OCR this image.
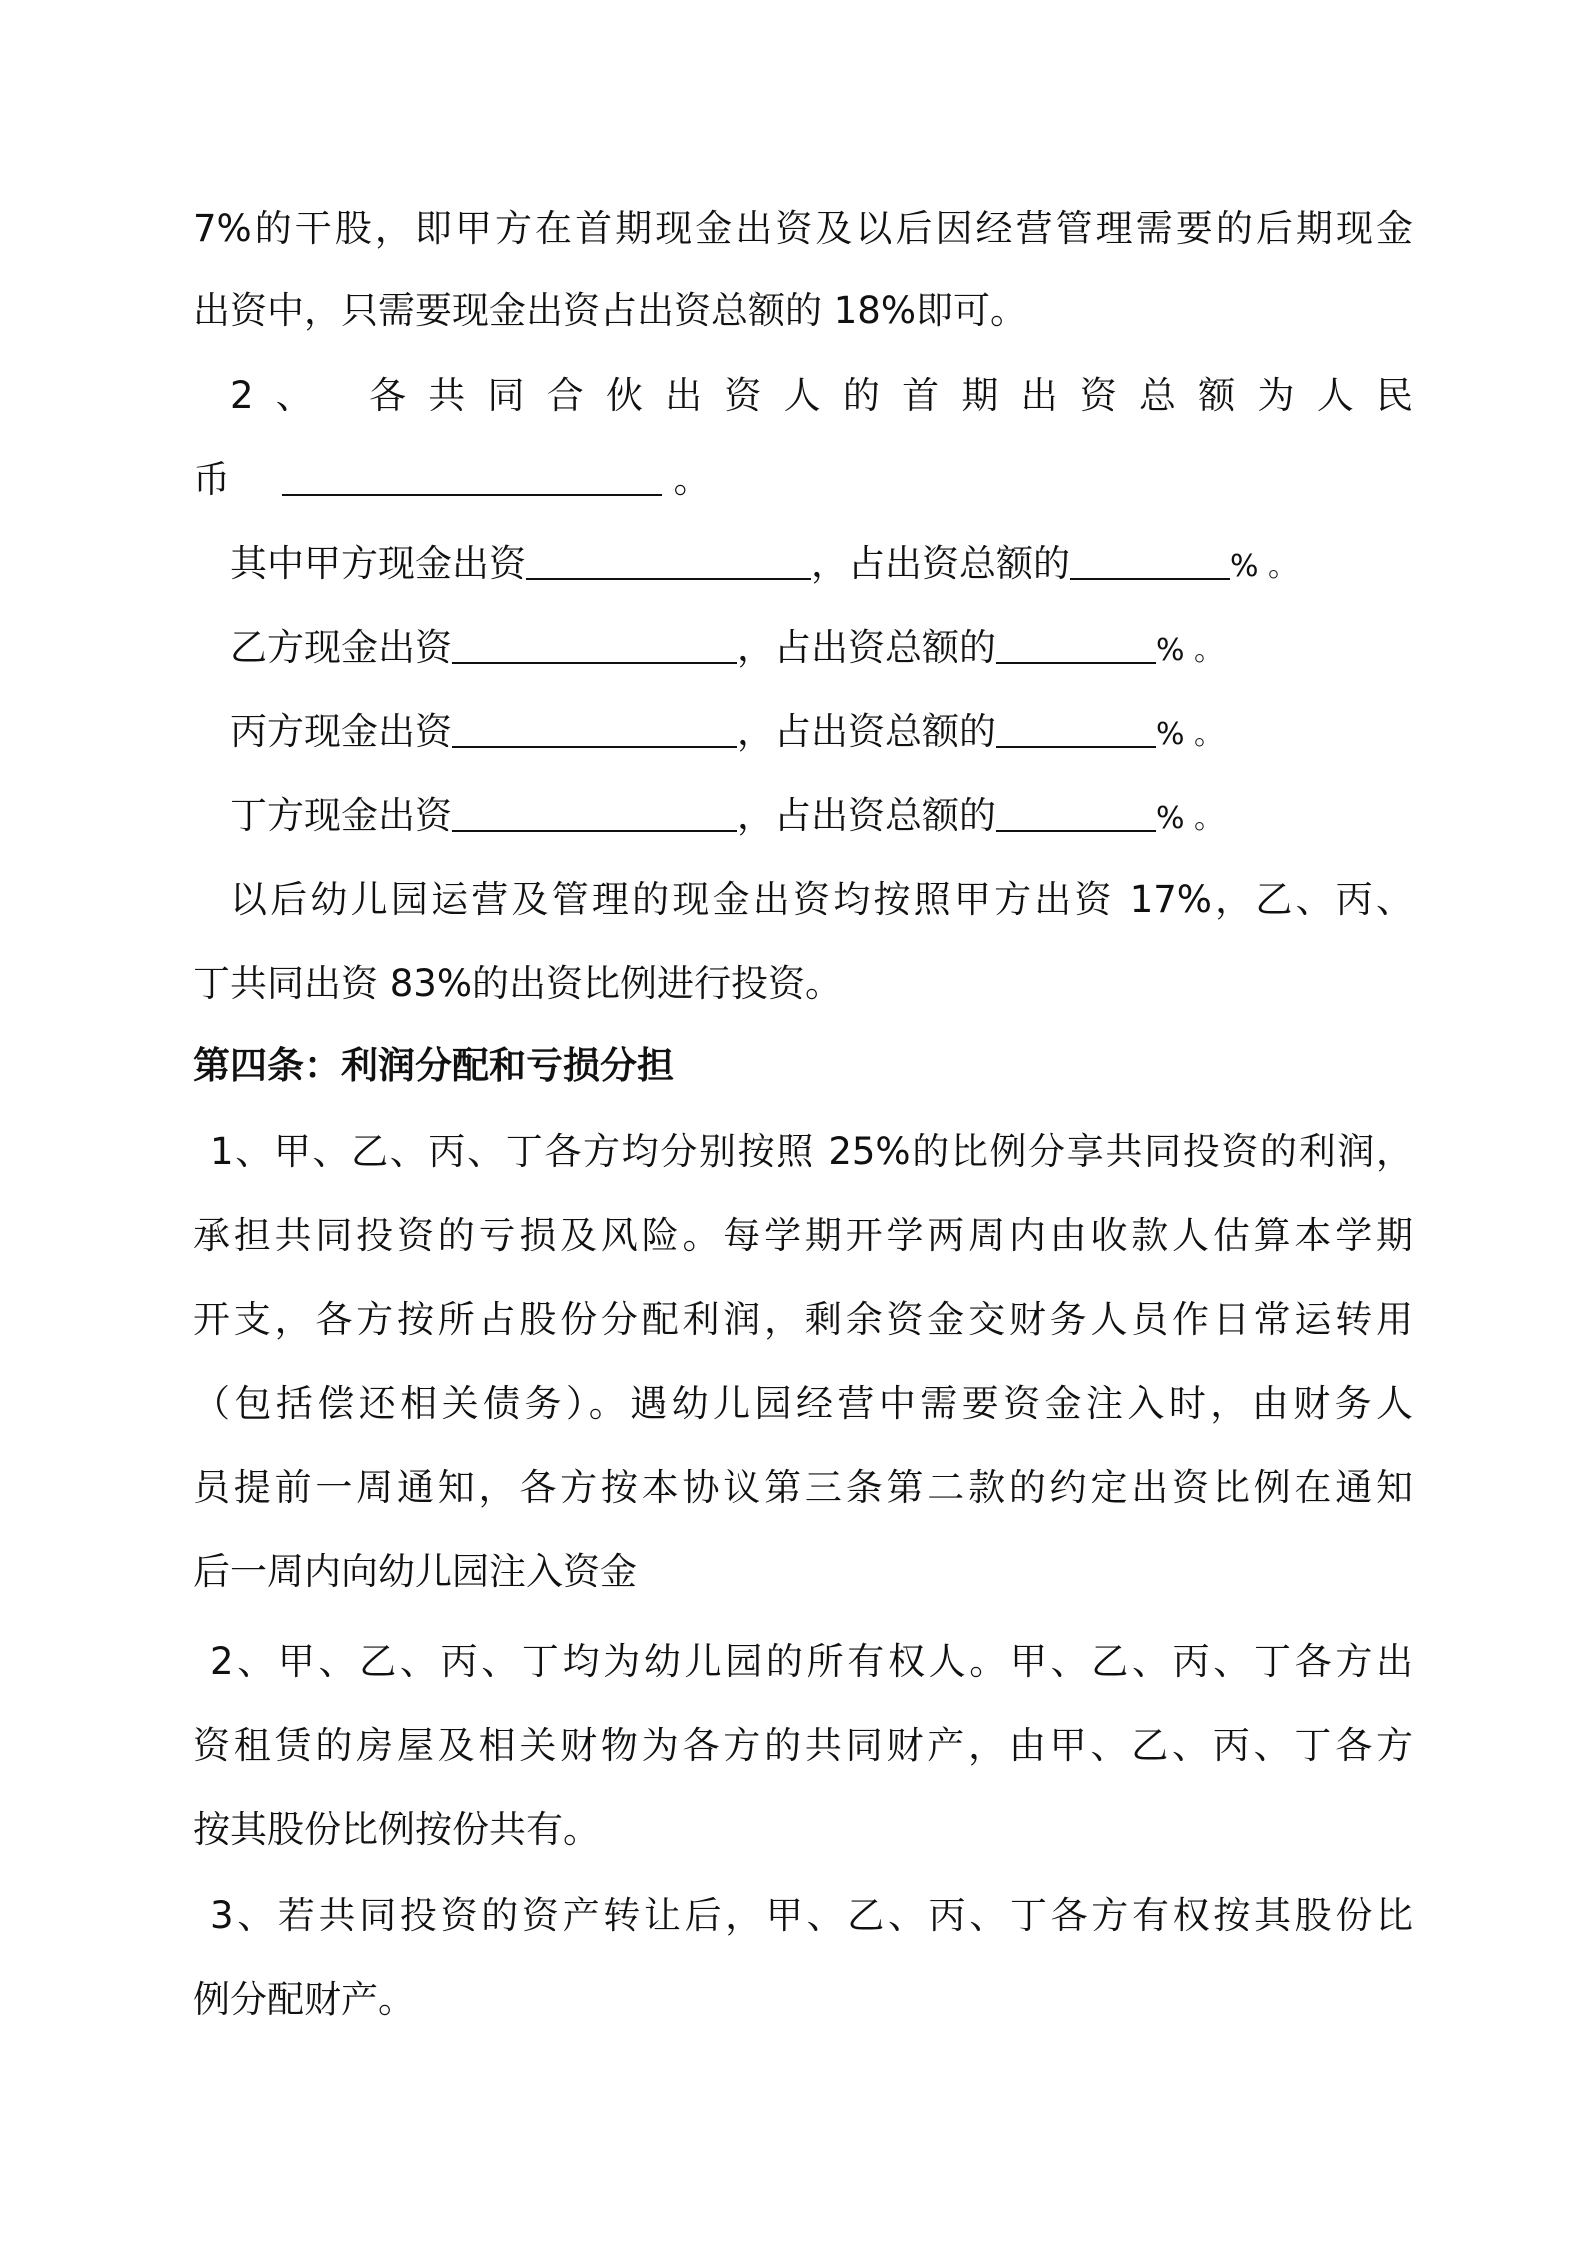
7%的干股，即甲方在首期现金出资及以后因经营管理需要的后期现金
出资中，只需要现金出资占出资总额的 18%即可。
2、 各共同合伙出资人的首期出资总额为人民
币	。
其中甲方现金出资	，占出资总额的	% 。
乙方现金出资	，占出资总额的	% 。
丙方现金出资	，占出资总额的	% 。
丁方现金出资	，占出资总额的	% 。
以后幼儿园运营及管理的现金出资均按照甲方出资 17%，乙、丙、
丁共同出资 83%的出资比例进行投资。
第四条：利润分配和亏损分担
1、甲、乙、丙、丁各方均分别按照 25%的比例分享共同投资的利润，
承担共同投资的亏损及风险。每学期开学两周内由收款人估算本学期
开支，各方按所占股份分配利润，剩余资金交财务人员作日常运转用
（包括偿还相关债务）。遇幼儿园经营中需要资金注入时，由财务人
员提前一周通知，各方按本协议第三条第二款的约定出资比例在通知
后一周内向幼儿园注入资金
2、甲、乙、丙、丁均为幼儿园的所有权人。甲、乙、丙、丁各方出
资租赁的房屋及相关财物为各方的共同财产，由甲、乙、丙、丁各方
按其股份比例按份共有。
3、若共同投资的资产转让后，甲、乙、丙、丁各方有权按其股份比
例分配财产。
